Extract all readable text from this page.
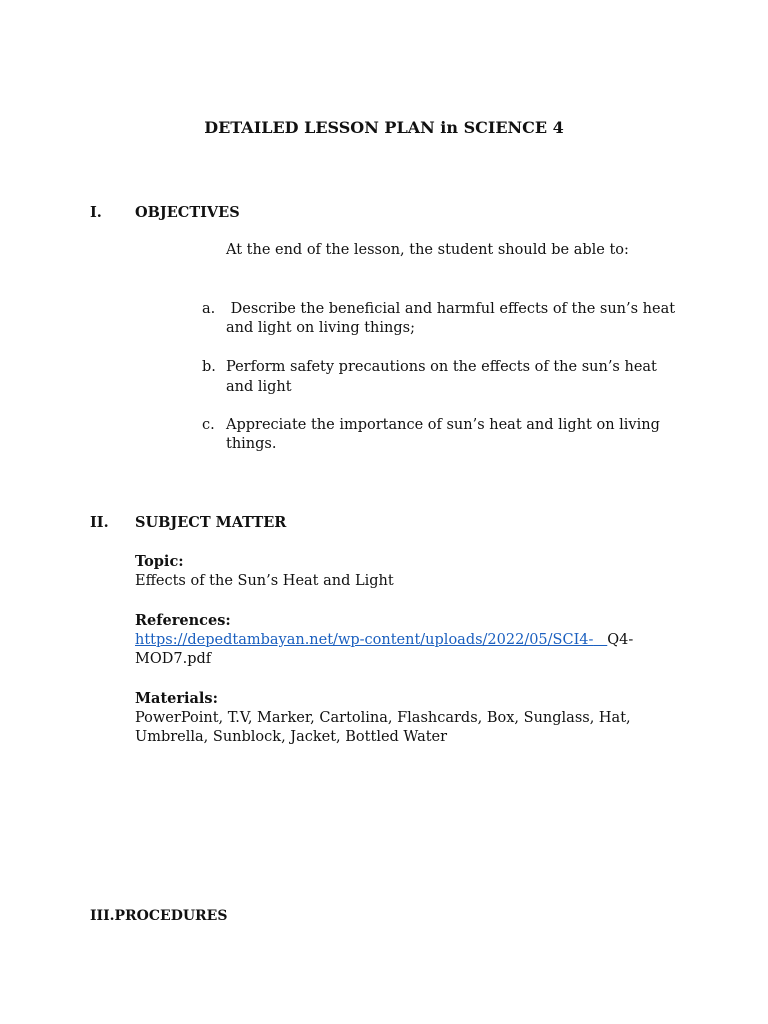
DETAILED LESSON PLAN in SCIENCE 4
I. OBJECTIVES
At the end of the lesson, the student should be able to:
a. Describe the beneficial and harmful effects of the sun’s heat
and light on living things;
b. Perform safety precautions on the effects of the sun’s heat
and light
c. Appreciate the importance of sun’s heat and light on living
things.
II. SUBJECT MATTER
Topic:
Effects of the Sun’s Heat and Light
References:
https://depedtambayan.net/wp-content/uploads/2022/05/SCI4- Q4-
MOD7.pdf
Materials:
PowerPoint, T.V, Marker, Cartolina, Flashcards, Box, Sunglass, Hat,
Umbrella, Sunblock, Jacket, Bottled Water
III.PROCEDURES
